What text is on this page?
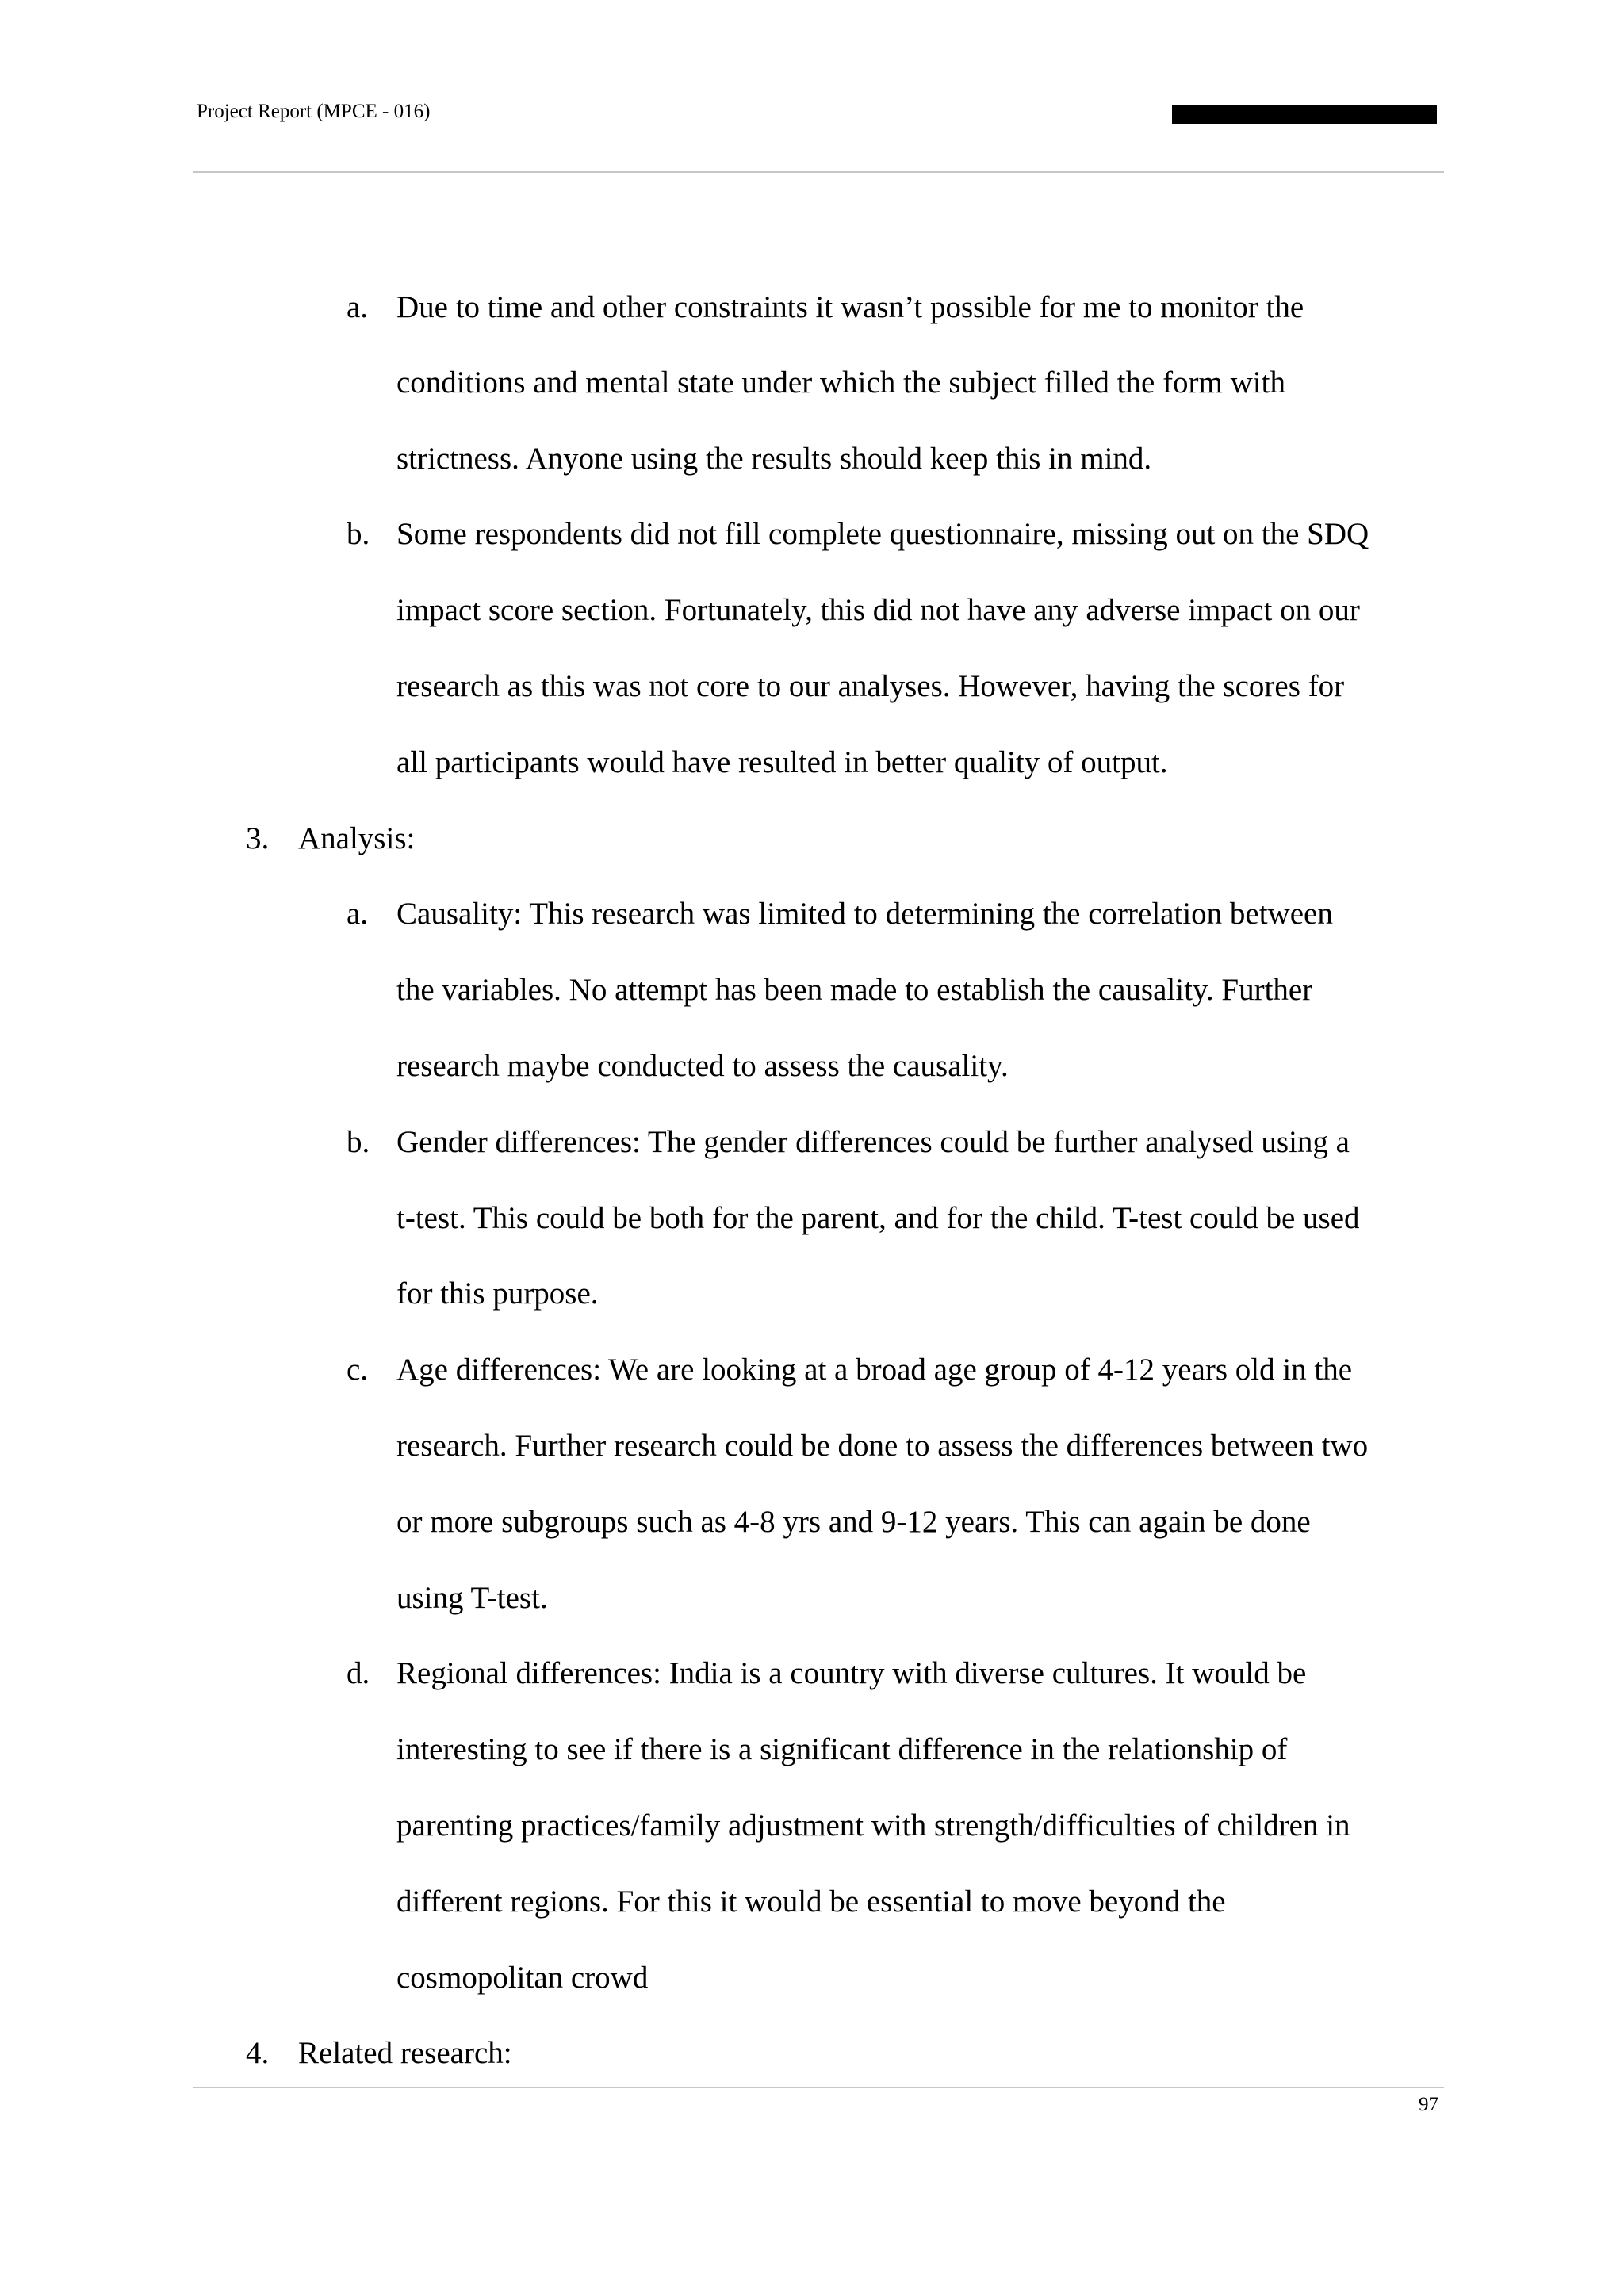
Project Report (MPCE - 016)
a. Due to time and other constraints it wasn’t possible for me to monitor the
conditions and mental state under which the subject filled the form with
strictness. Anyone using the results should keep this in mind.
b. Some respondents did not fill complete questionnaire, missing out on the SDQ
impact score section. Fortunately, this did not have any adverse impact on our
research as this was not core to our analyses. However, having the scores for
all participants would have resulted in better quality of output.
3. Analysis:
a. Causality: This research was limited to determining the correlation between
the variables. No attempt has been made to establish the causality. Further
research maybe conducted to assess the causality.
b. Gender differences: The gender differences could be further analysed using a
t-test. This could be both for the parent, and for the child. T-test could be used
for this purpose.
c. Age differences: We are looking at a broad age group of 4-12 years old in the
research. Further research could be done to assess the differences between two
or more subgroups such as 4-8 yrs and 9-12 years. This can again be done
using T-test.
d. Regional differences: India is a country with diverse cultures. It would be
interesting to see if there is a significant difference in the relationship of
parenting practices/family adjustment with strength/difficulties of children in
different regions. For this it would be essential to move beyond the
cosmopolitan crowd
4. Related research:
97
